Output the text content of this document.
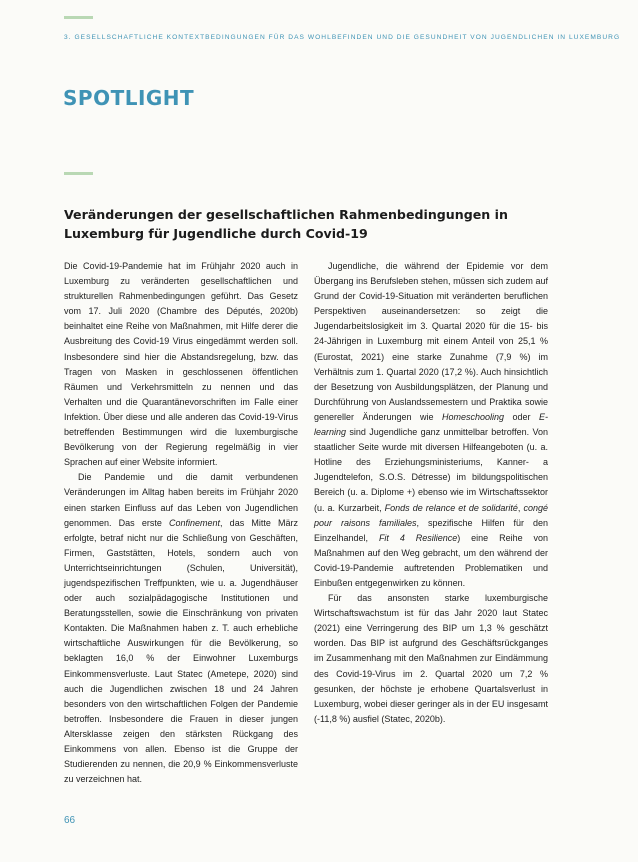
3. GESELLSCHAFTLICHE KONTEXTBEDINGUNGEN FÜR DAS WOHLBEFINDEN UND DIE GESUNDHEIT VON JUGENDLICHEN IN LUXEMBURG
SPOTLIGHT
Veränderungen der gesellschaftlichen Rahmenbedingungen in Luxemburg für Jugendliche durch Covid-19

Die Covid-19-Pandemie hat im Frühjahr 2020 auch in Luxemburg zu veränderten gesellschaftlichen und strukturellen Rahmenbedingungen geführt. Das Gesetz vom 17. Juli 2020 (Chambre des Députés, 2020b) beinhaltet eine Reihe von Maßnahmen, mit Hilfe derer die Ausbreitung des Covid-19 Virus eingedämmt werden soll. Insbesondere sind hier die Abstandsregelung, bzw. das Tragen von Masken in geschlossenen öffentlichen Räumen und Verkehrsmitteln zu nennen und das Verhalten und die Quarantänevorschriften im Falle einer Infektion. Über diese und alle anderen das Covid-19-Virus betreffenden Bestimmungen wird die luxemburgische Bevölkerung von der Regierung regelmäßig in vier Sprachen auf einer Website informiert.

Die Pandemie und die damit verbundenen Veränderungen im Alltag haben bereits im Frühjahr 2020 einen starken Einfluss auf das Leben von Jugendlichen genommen. Das erste Confinement, das Mitte März erfolgte, betraf nicht nur die Schließung von Geschäften, Firmen, Gaststätten, Hotels, sondern auch von Unterrichtseinrichtungen (Schulen, Universität), jugendspezifischen Treffpunkten, wie u. a. Jugendhäuser oder auch sozialpädagogische Institutionen und Beratungsstellen, sowie die Einschränkung von privaten Kontakten. Die Maßnahmen haben z. T. auch erhebliche wirtschaftliche Auswirkungen für die Bevölkerung, so beklagten 16,0 % der Einwohner Luxemburgs Einkommensverluste. Laut Statec (Ametepe, 2020) sind auch die Jugendlichen zwischen 18 und 24 Jahren besonders von den wirtschaftlichen Folgen der Pandemie betroffen. Insbesondere die Frauen in dieser jungen Altersklasse zeigen den stärksten Rückgang des Einkommens von allen. Ebenso ist die Gruppe der Studierenden zu nennen, die 20,9 % Einkommensverluste zu verzeichnen hat.

Jugendliche, die während der Epidemie vor dem Übergang ins Berufsleben stehen, müssen sich zudem auf Grund der Covid-19-Situation mit veränderten beruflichen Perspektiven auseinandersetzen: so zeigt die Jugendarbeitslosigkeit im 3. Quartal 2020 für die 15- bis 24-Jährigen in Luxemburg mit einem Anteil von 25,1 % (Eurostat, 2021) eine starke Zunahme (7,9 %) im Verhältnis zum 1. Quartal 2020 (17,2 %). Auch hinsichtlich der Besetzung von Ausbildungsplätzen, der Planung und Durchführung von Auslandssemestern und Praktika sowie genereller Änderungen wie Homeschooling oder E-learning sind Jugendliche ganz unmittelbar betroffen. Von staatlicher Seite wurde mit diversen Hilfeangeboten (u. a. Hotline des Erziehungsministeriums, Kanner- a Jugendtelefon, S.O.S. Détresse) im bildungspolitischen Bereich (u. a. Diplome +) ebenso wie im Wirtschaftssektor (u. a. Kurzarbeit, Fonds de relance et de solidarité, congé pour raisons familiales, spezifische Hilfen für den Einzelhandel, Fit 4 Resilience) eine Reihe von Maßnahmen auf den Weg gebracht, um den während der Covid-19-Pandemie auftretenden Problematiken und Einbußen entgegenwirken zu können.

Für das ansonsten starke luxemburgische Wirtschaftswachstum ist für das Jahr 2020 laut Statec (2021) eine Verringerung des BIP um 1,3 % geschätzt worden. Das BIP ist aufgrund des Geschäftsrückganges im Zusammenhang mit den Maßnahmen zur Eindämmung des Covid-19-Virus im 2. Quartal 2020 um 7,2 % gesunken, der höchste je erhobene Quartalsverlust in Luxemburg, wobei dieser geringer als in der EU insgesamt (-11,8 %) ausfiel (Statec, 2020b).

66
